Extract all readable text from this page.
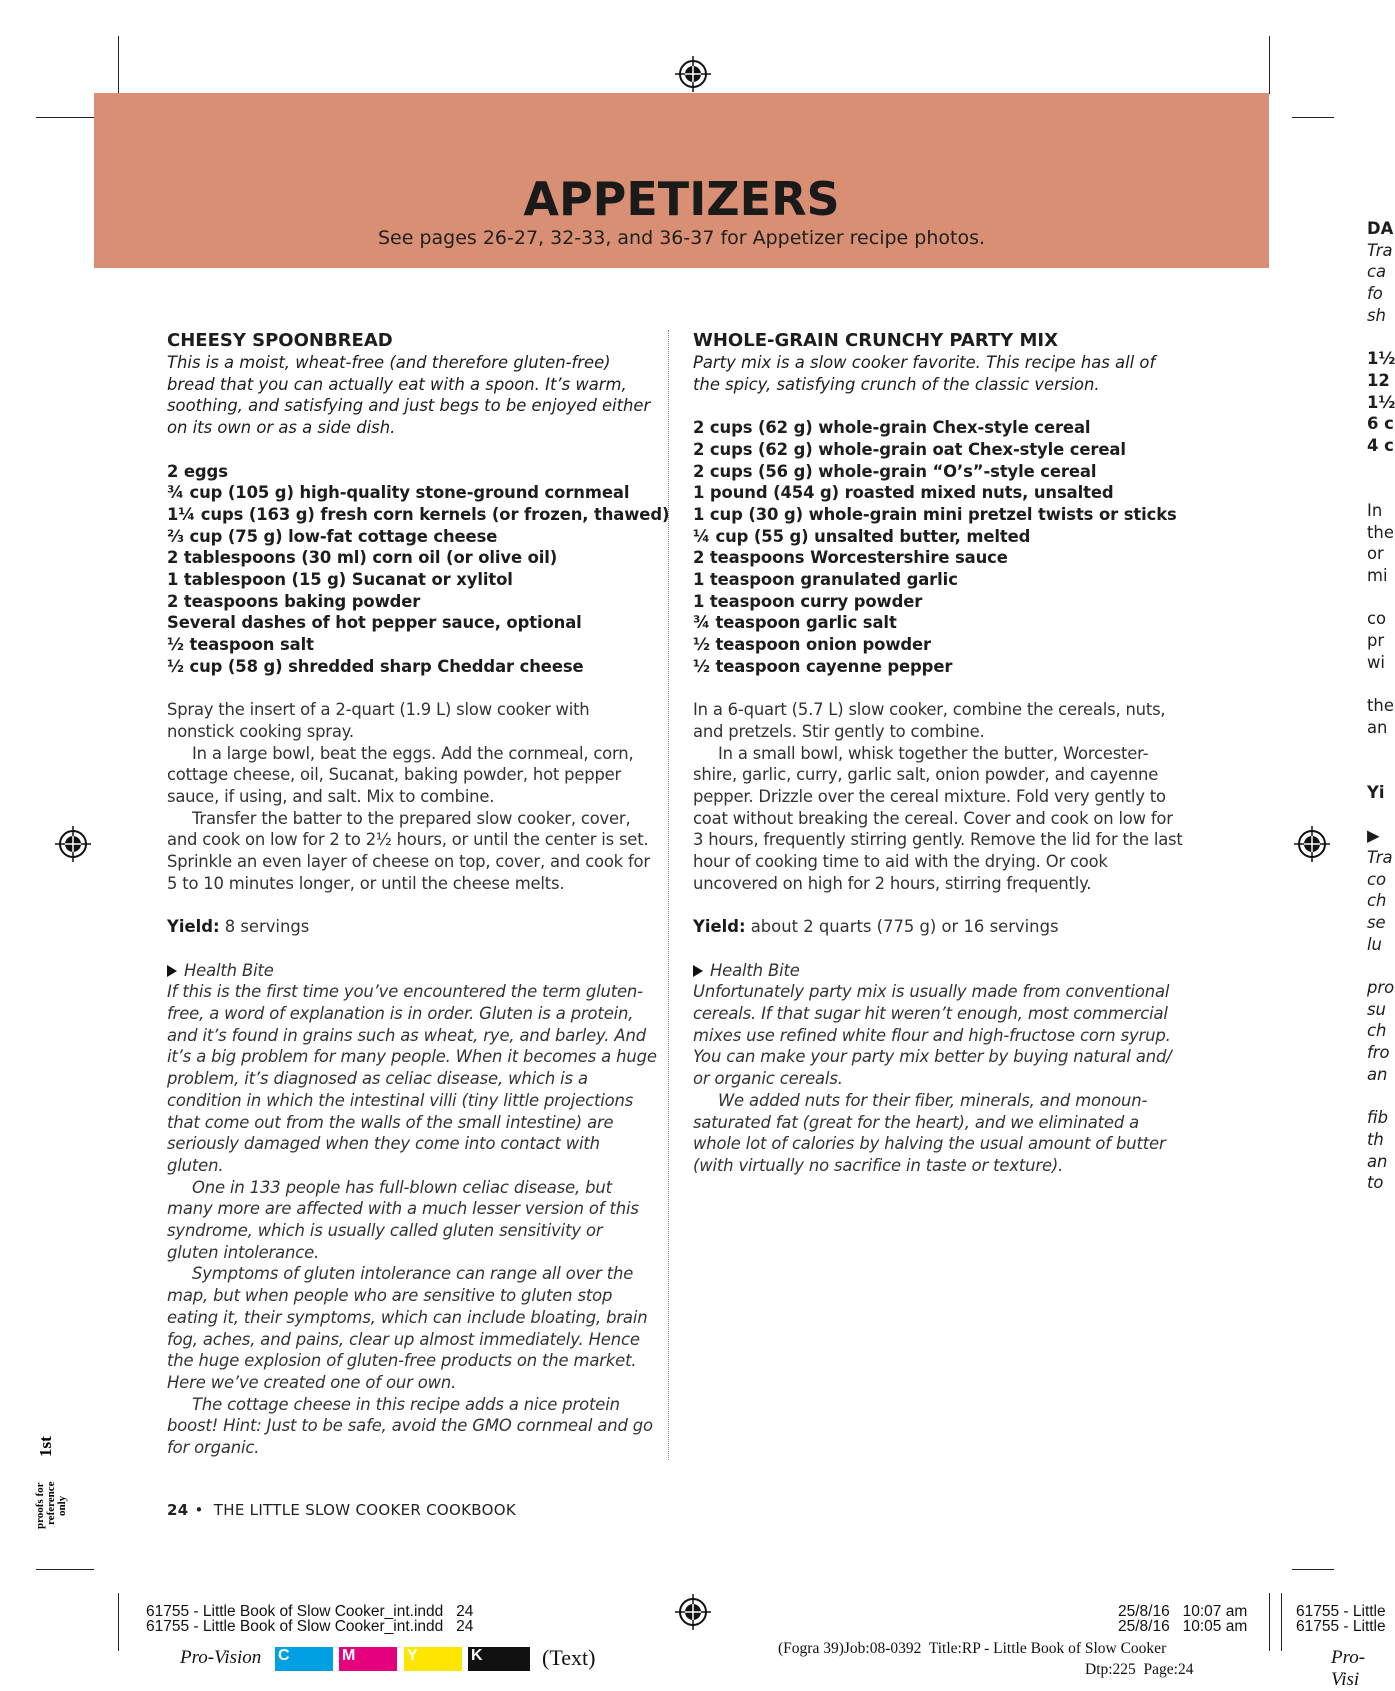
APPETIZERS
See pages 26-27, 32-33, and 36-37 for Appetizer recipe photos.
CHEESY SPOONBREAD

This is a moist, wheat-free (and therefore gluten-free) bread that you can actually eat with a spoon. It’s warm, soothing, and satisfying and just begs to be enjoyed either on its own or as a side dish.

2 eggs
¾ cup (105 g) high-quality stone-ground cornmeal
1¼ cups (163 g) fresh corn kernels (or frozen, thawed)
⅔ cup (75 g) low-fat cottage cheese
2 tablespoons (30 ml) corn oil (or olive oil)
1 tablespoon (15 g) Sucanat or xylitol
2 teaspoons baking powder
Several dashes of hot pepper sauce, optional
½ teaspoon salt
½ cup (58 g) shredded sharp Cheddar cheese

Spray the insert of a 2-quart (1.9 L) slow cooker with nonstick cooking spray.

In a large bowl, beat the eggs. Add the cornmeal, corn, cottage cheese, oil, Sucanat, baking powder, hot pepper sauce, if using, and salt. Mix to combine.

Transfer the batter to the prepared slow cooker, cover, and cook on low for 2 to 2½ hours, or until the center is set. Sprinkle an even layer of cheese on top, cover, and cook for 5 to 10 minutes longer, or until the cheese melts.

Yield: 8 servings
Health Bite

If this is the first time you’ve encountered the term gluten-free, a word of explanation is in order. Gluten is a protein, and it’s found in grains such as wheat, rye, and barley. And it’s a big problem for many people. When it becomes a huge problem, it’s diagnosed as celiac disease, which is a condition in which the intestinal villi (tiny little projections that come out from the walls of the small intestine) are seriously damaged when they come into contact with gluten.

One in 133 people has full-blown celiac disease, but many more are affected with a much lesser version of this syndrome, which is usually called gluten sensitivity or gluten intolerance.

Symptoms of gluten intolerance can range all over the map, but when people who are sensitive to gluten stop eating it, their symptoms, which can include bloating, brain fog, aches, and pains, clear up almost immediately. Hence the huge explosion of gluten-free products on the market. Here we’ve created one of our own.

The cottage cheese in this recipe adds a nice protein boost! Hint: Just to be safe, avoid the GMO cornmeal and go for organic.

WHOLE-GRAIN CRUNCHY PARTY MIX

Party mix is a slow cooker favorite. This recipe has all of the spicy, satisfying crunch of the classic version.

2 cups (62 g) whole-grain Chex-style cereal
2 cups (62 g) whole-grain oat Chex-style cereal
2 cups (56 g) whole-grain “O’s”-style cereal
1 pound (454 g) roasted mixed nuts, unsalted
1 cup (30 g) whole-grain mini pretzel twists or sticks
¼ cup (55 g) unsalted butter, melted
2 teaspoons Worcestershire sauce
1 teaspoon granulated garlic
1 teaspoon curry powder
¾ teaspoon garlic salt
½ teaspoon onion powder
½ teaspoon cayenne pepper

In a 6-quart (5.7 L) slow cooker, combine the cereals, nuts, and pretzels. Stir gently to combine.

In a small bowl, whisk together the butter, Worcester-shire, garlic, curry, garlic salt, onion powder, and cayenne pepper. Drizzle over the cereal mixture. Fold very gently to coat without breaking the cereal. Cover and cook on low for 3 hours, frequently stirring gently. Remove the lid for the last hour of cooking time to aid with the drying. Or cook uncovered on high for 2 hours, stirring frequently.

Yield: about 2 quarts (775 g) or 16 servings
Health Bite

Unfortunately party mix is usually made from conventional cereals. If that sugar hit weren’t enough, most commercial mixes use refined white flour and high-fructose corn syrup. You can make your party mix better by buying natural and/ or organic cereals.

We added nuts for their fiber, minerals, and monoun-saturated fat (great for the heart), and we eliminated a whole lot of calories by halving the usual amount of butter (with virtually no sacrifice in taste or texture).

DA
Tra
ca
fo
sh
1½
12
1½
6 c
4 c
In
the
or
mi
co
pr
wi
the
an
Yi
▶
Tra
co
ch
se
lu
pro
su
ch
fro
an
fib
th
an
to
24 • THE LITTLE SLOW COOKER COOKBOOK
1st
proofs for reference only
61755 - Little Book of Slow Cooker_int.indd   24
61755 - Little Book of Slow Cooker_int.indd   24
25/8/16   10:07 am
25/8/16   10:05 am
61755 - Little
61755 - Little
Pro-Vision C	M	Y	K	(Text)	(Fogra 39)Job:08-0392  Title:RP - Little Book of Slow Cooker
Dtp:225  Page:24
Pro-Visi
